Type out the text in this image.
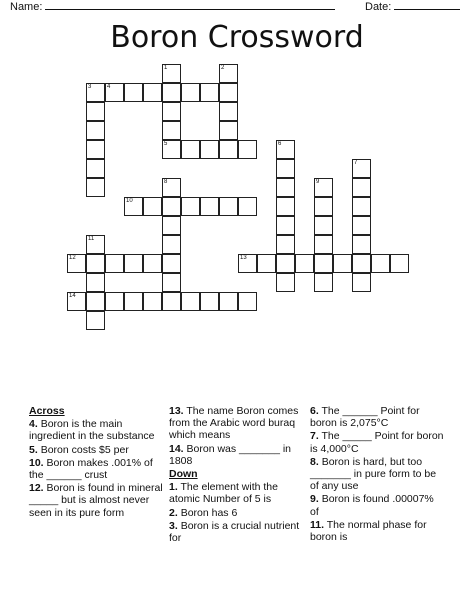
Name:	Date:
Boron Crossword
4
5
10
12	13
14
1	2
3
6
7
8	9
11

Across

4. Boron is the main ingredient in the substance

5. Boron costs $5 per

10. Boron makes .001% of the ______ crust

12. Boron is found in mineral _____ but is almost never seen in its pure form

13. The name Boron comes from the Arabic word buraq which means

14. Boron was _______ in 1808

Down

1. The element with the atomic Number of 5 is

2. Boron has 6

3. Boron is a crucial nutrient for

6. The ______ Point for boron is 2,075°C

7. The _____ Point for boron is 4,000°C

8. Boron is hard, but too _______ in pure form to be of any use

9. Boron is found .00007% of

11. The normal phase for boron is
